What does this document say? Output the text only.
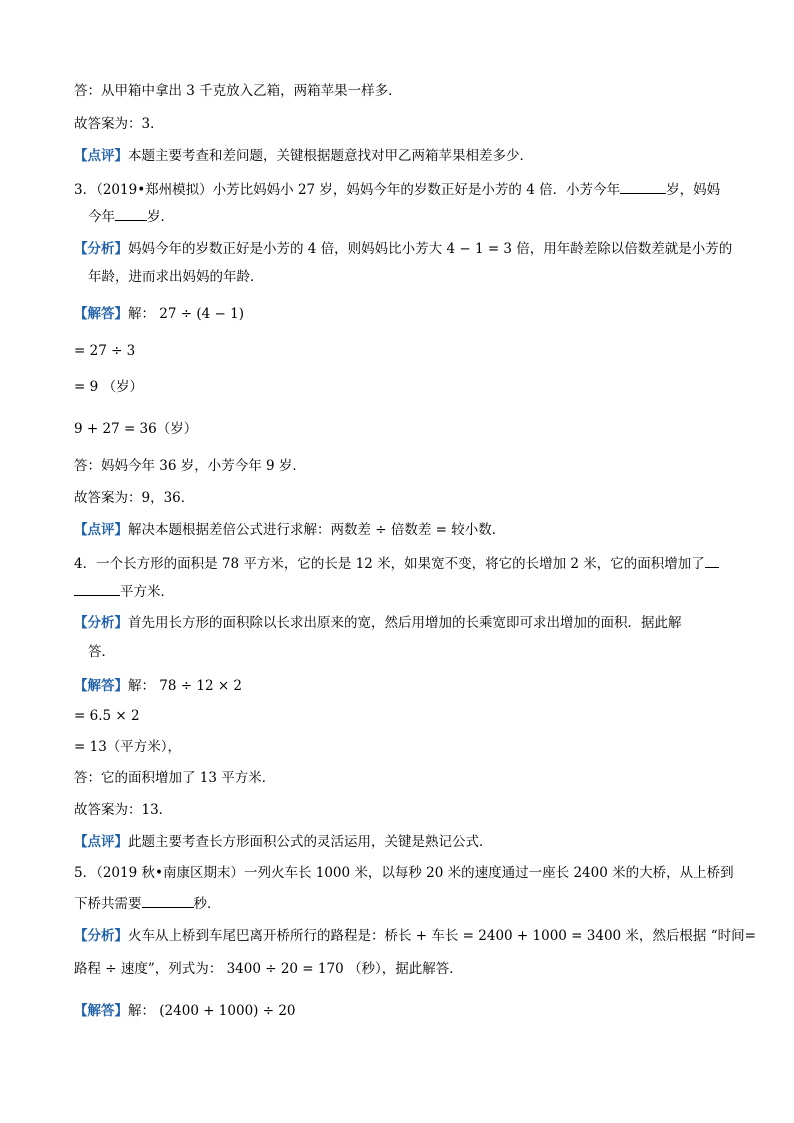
答：从甲箱中拿出 3 千克放入乙箱，两箱苹果一样多．
故答案为：3．
【点评】本题主要考查和差问题，关键根据题意找对甲乙两箱苹果相差多少．
3．（2019•郑州模拟）小芳比妈妈小 27 岁，妈妈今年的岁数正好是小芳的 4 倍．小芳今年	岁，妈妈
今年 岁．
【分析】妈妈今年的岁数正好是小芳的 4 倍，则妈妈比小芳大 4 − 1 = 3 倍，用年龄差除以倍数差就是小芳的
年龄，进而求出妈妈的年龄．
【解答】解： 27 ÷ (4 − 1)
= 27 ÷ 3
= 9 （岁）
9 + 27 = 36（岁）
答：妈妈今年 36 岁，小芳今年 9 岁．
故答案为：9，36．
【点评】解决本题根据差倍公式进行求解：两数差 ÷ 倍数差 = 较小数．
4．一个长方形的面积是 78 平方米，它的长是 12 米，如果宽不变，将它的长增加 2 米，它的面积增加了
平方米．
【分析】首先用长方形的面积除以长求出原来的宽，然后用增加的长乘宽即可求出增加的面积．据此解
答．
【解答】解： 78 ÷ 12 × 2
= 6.5 × 2
= 13（平方米），
答：它的面积增加了 13 平方米．
故答案为：13．
【点评】此题主要考查长方形面积公式的灵活运用，关键是熟记公式．
5．（2019 秋•南康区期末）一列火车长 1000 米，以每秒 20 米的速度通过一座长 2400 米的大桥，从上桥到
下桥共需要	秒．
【分析】火车从上桥到车尾巴离开桥所行的路程是：桥长 + 车长 = 2400 + 1000 = 3400 米，然后根据 “时间=
路程 ÷ 速度”，列式为： 3400 ÷ 20 = 170 （秒），据此解答．
【解答】解： (2400 + 1000) ÷ 20
